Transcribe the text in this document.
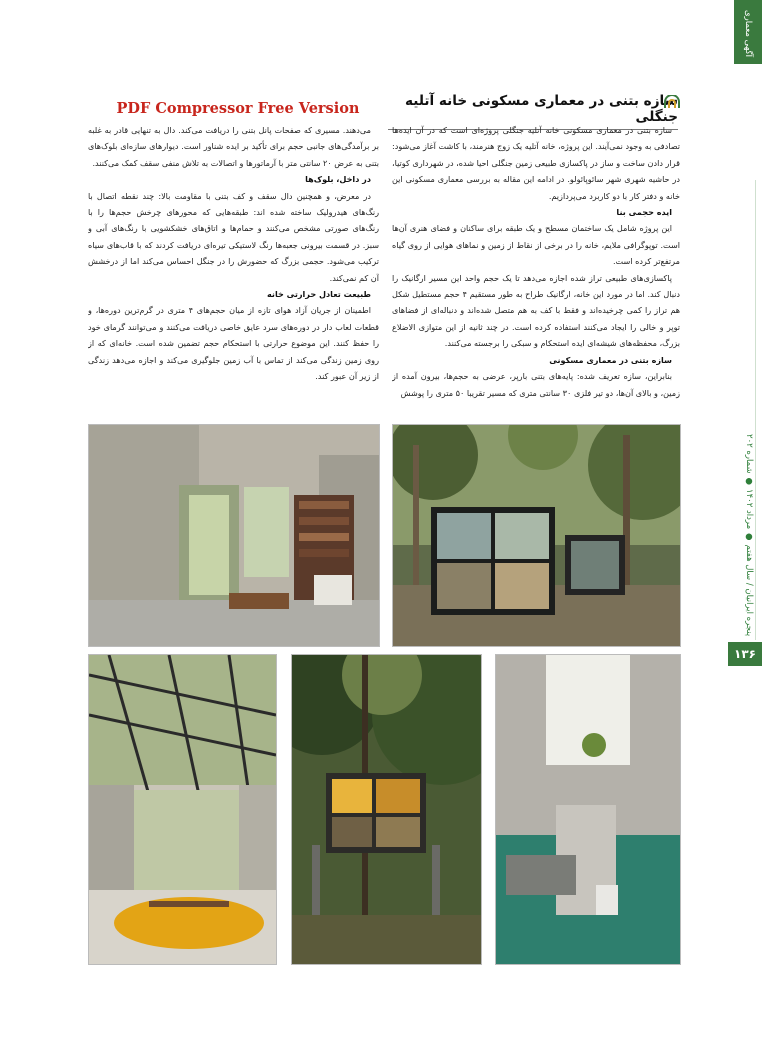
آگهی معماری
PDF Compressor Free Version	سازه بتنی در معماری مسکونی خانه آتلیه جنگلی

سازه بتنی در معماری مسکونی خانه آتلیه جنگلی پروژه‌ای است که در آن ایده‌ها تصادفی به وجود نمی‌آیند. این پروژه، خانه آتلیه یک زوج هنرمند، با کاشت آغاز می‌شود: قرار دادن ساخت و ساز در پاکسازی طبیعی زمین جنگلی احیا شده، در شهرداری کوتیا، در حاشیه شهری شهر سائوپائولو. در ادامه این مقاله به بررسی معماری مسکونی این خانه و دفتر کار با دو کاربرد می‌پردازیم.

ایده حجمی بنا

این پروژه شامل یک ساختمان مسطح و یک طبقه برای ساکنان و فضای هنری آن‌ها است. توپوگرافی ملایم، خانه را در برخی از نقاط از زمین و نماهای هوایی از روی گیاه مرتفع‌تر کرده است.

پاکسازی‌های طبیعی تراز شده اجازه می‌دهد تا یک حجم واحد این مسیر ارگانیک را دنبال کند. اما در مورد این خانه، ارگانیک طراح به طور مستقیم ۴ حجم مستطیل شکل هم تراز را کمی چرخیده‌اند و فقط با کف به هم متصل شده‌اند و دنباله‌ای از فضاهای توپر و خالی را ایجاد می‌کنند استفاده کرده است. در چند ثانیه از این متوازی الاضلاع بزرگ، محفظه‌های شیشه‌ای ایده استحکام و سبکی را برجسته می‌کنند.

سازه بتنی در معماری مسکونی

بنابراین، سازه تعریف شده: پایه‌های بتنی بارپر، عرضی به حجم‌ها، بیرون آمده از زمین، و بالای آن‌ها، دو تیر فلزی ۳۰ سانتی متری که مسیر تقریبا ۵۰ متری را پوشش

می‌دهند. مسیری که صفحات پانل بتنی را دریافت می‌کند. دال به تنهایی قادر به غلبه بر برآمدگی‌های جانبی حجم برای تأکید بر ایده شناور است. دیوارهای سازه‌ای بلوک‌های بتنی به عرض ۲۰ سانتی متر با آرماتورها و اتصالات به تلاش منفی سقف کمک می‌کنند.

در داخل، بلوک‌ها

در معرض، و همچنین دال سقف و کف بتنی با مقاومت بالا: چند نقطه اتصال با رنگ‌های هیدرولیک ساخته شده اند: طبقه‌هایی که محورهای چرخش حجم‌ها را با رنگ‌های صورتی مشخص می‌کنند و حمام‌ها و اتاق‌های خشکشویی با رنگ‌های آبی و سبز. در قسمت بیرونی جعبه‌ها رنگ لاستیکی تیره‌ای دریافت کردند که با قاب‌های سیاه ترکیب می‌شود. حجمی بزرگ که حضورش را در جنگل احساس می‌کند اما از درخشش آن کم نمی‌کند.

طبیعت تعادل حرارتی خانه

اطمینان از جریان آزاد هوای تازه از میان حجم‌های ۴ متری در گرم‌ترین دوره‌ها، و قطعات لعاب دار در دوره‌های سرد عایق خاصی دریافت می‌کنند و می‌توانند گرمای خود را حفظ کنند. این موضوع حرارتی با استحکام حجم تضمین شده است. خانه‌ای که از روی زمین زندگی می‌کند از تماس با آب زمین جلوگیری می‌کند و اجازه می‌دهد زندگی از زیر آن عبور کند.

پنجره ایرانیان / سال هفتم ● مرداد ۱۴۰۲ ● شماره ۲۰۲
۱۳۶
